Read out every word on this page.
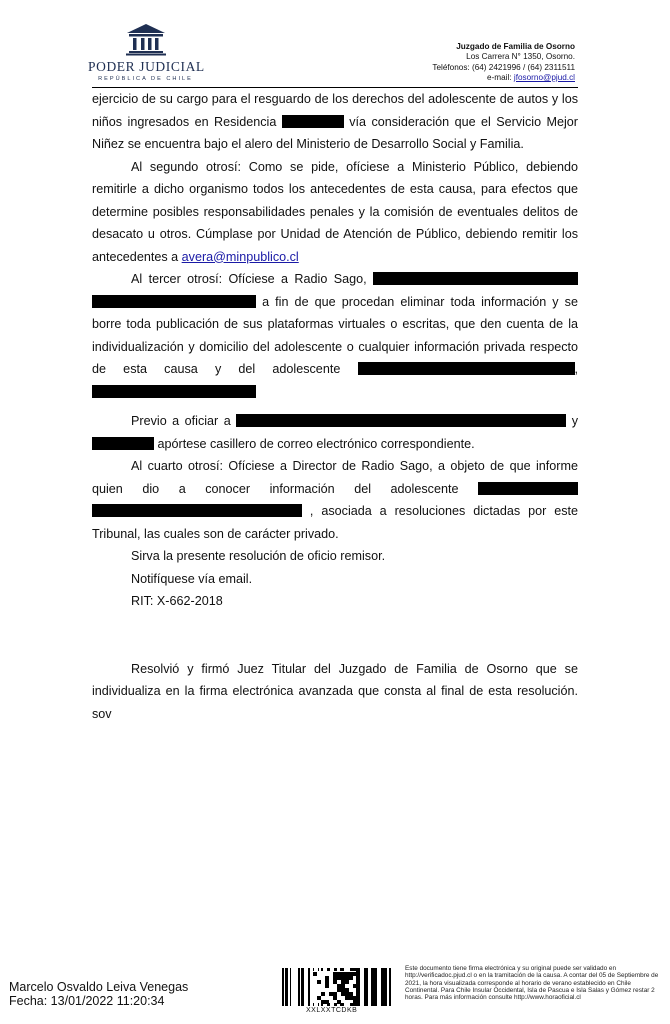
PODER JUDICIAL
REPÚBLICA DE CHILE
Juzgado de Familia de Osorno
Los Carrera N° 1350, Osorno.
Teléfonos: (64) 2421996 / (64) 2311511
e-mail: jfosorno@pjud.cl

ejercicio de su cargo para el resguardo de los derechos del adolescente de autos y los niños ingresados en Residencia	vía consideración que el Servicio Mejor Niñez se encuentra bajo el alero del Ministerio de Desarrollo Social y Familia.

Al segundo otrosí: Como se pide, ofíciese a Ministerio Público, debiendo remitirle a dicho organismo todos los antecedentes de esta causa, para efectos que determine posibles responsabilidades penales y la comisión de eventuales delitos de desacato u otros. Cúmplase por Unidad de Atención de Público, debiendo remitir los antecedentes a avera@minpublico.cl

Al tercer otrosí: Ofíciese a Radio Sago,   a fin de que procedan eliminar toda información y se borre toda publicación de sus plataformas virtuales o escritas, que den cuenta de la individualización y domicilio del adolescente o cualquier información privada respecto de esta causa y del adolescente	,

Previo a oficiar a	y  apórtese casillero de correo electrónico correspondiente.

Al cuarto otrosí: Ofíciese a Director de Radio Sago, a objeto de que informe quien dio a conocer información del adolescente   , asociada a resoluciones dictadas por este Tribunal, las cuales son de carácter privado.

Sirva la presente resolución de oficio remisor.

Notifíquese vía email.

RIT: X-662-2018

Resolvió y firmó Juez Titular del Juzgado de Familia de Osorno que se individualiza en la firma electrónica avanzada que consta al final de esta resolución. sov

Marcelo Osvaldo Leiva Venegas
Fecha: 13/01/2022 11:20:34
XXLXXTCDKB
Este documento tiene firma electrónica y su original puede ser validado en http://verificadoc.pjud.cl o en la tramitación de la causa. A contar del 05 de Septiembre de 2021, la hora visualizada corresponde al horario de verano establecido en Chile Continental. Para Chile Insular Occidental, Isla de Pascua e Isla Salas y Gómez restar 2 horas. Para más información consulte http://www.horaoficial.cl
